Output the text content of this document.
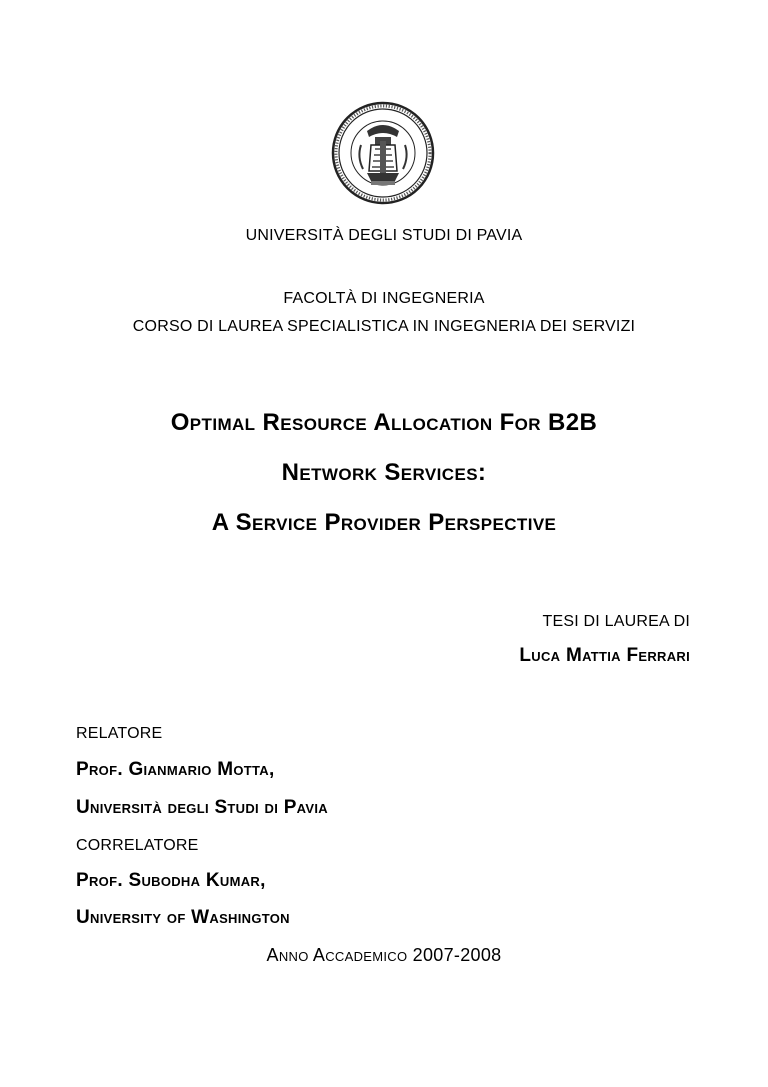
UNIVERSITÀ DEGLI STUDI DI PAVIA
FACOLTÀ DI INGEGNERIA
CORSO DI LAUREA SPECIALISTICA IN INGEGNERIA DEI SERVIZI
Optimal Resource Allocation For B2B
Network Services:
A Service Provider Perspective
TESI DI LAUREA DI
Luca Mattia Ferrari
RELATORE
Prof. Gianmario Motta,
Università degli Studi di Pavia
CORRELATORE
Prof. Subodha Kumar,
University of Washington
Anno Accademico 2007-2008
